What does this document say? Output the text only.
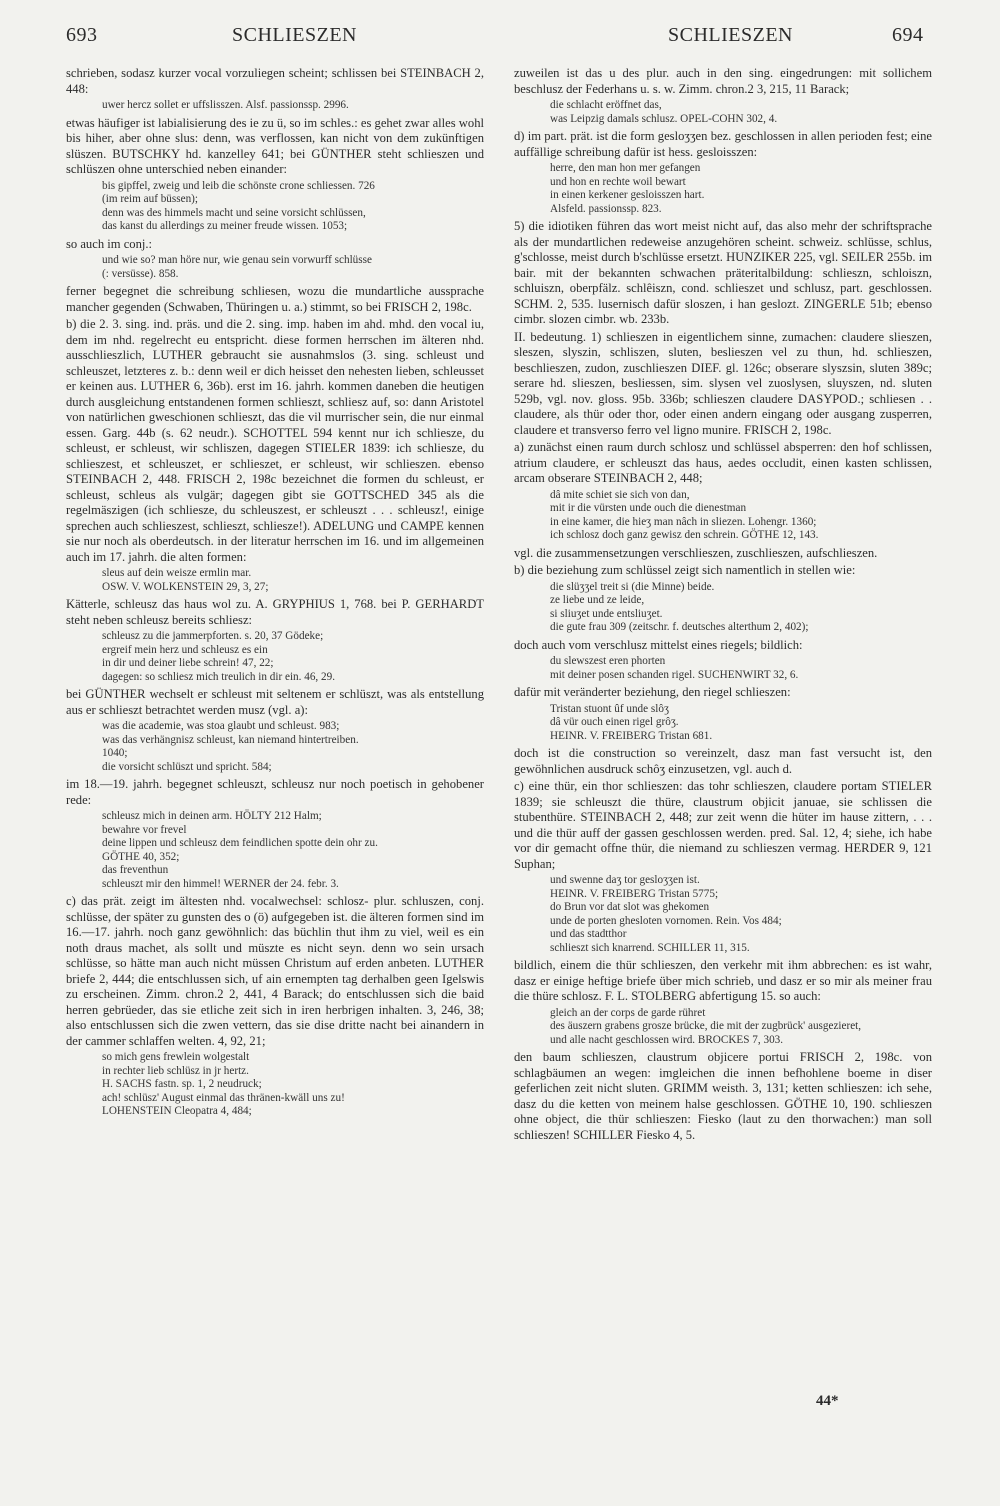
693	SCHLIESZEN	SCHLIESZEN	694

schrieben, sodasz kurzer vocal vorzuliegen scheint; schlissen bei STEINBACH 2, 448:

uwer hercz sollet er uffslisszen. Alsf. passionssp. 2996.

etwas häufiger ist labialisierung des ie zu ü, so im schles.: es gehet zwar alles wohl bis hiher, aber ohne slus: denn, was verflossen, kan nicht von dem zukünftigen slüszen. BUTSCHKY hd. kanzelley 641; bei GÜNTHER steht schlieszen und schlüszen ohne unterschied neben einander:

bis gipffel, zweig und leib die schönste crone schliessen. 726
(im reim auf büssen);
denn was des himmels macht und seine vorsicht schlüssen,
das kanst du allerdings zu meiner freude wissen. 1053;

so auch im conj.:

und wie so? man höre nur, wie genau sein vorwurff schlüsse
(: versüsse). 858.

ferner begegnet die schreibung schliesen, wozu die mundartliche aussprache mancher gegenden (Schwaben, Thüringen u. a.) stimmt, so bei FRISCH 2, 198c.

b) die 2. 3. sing. ind. präs. und die 2. sing. imp. haben im ahd. mhd. den vocal iu, dem im nhd. regelrecht eu entspricht. diese formen herrschen im älteren nhd. ausschlieszlich, LUTHER gebraucht sie ausnahmslos (3. sing. schleust und schleuszet, letzteres z. b.: denn weil er dich heisset den nehesten lieben, schleusset er keinen aus. LUTHER 6, 36b). erst im 16. jahrh. kommen daneben die heutigen durch ausgleichung entstandenen formen schlieszt, schliesz auf, so: dann Aristotel von natürlichen gweschionen schlieszt, das die vil murrischer sein, die nur einmal essen. Garg. 44b (s. 62 neudr.). SCHOTTEL 594 kennt nur ich schliesze, du schleust, er schleust, wir schliszen, dagegen STIELER 1839: ich schliesze, du schlieszest, et schleuszet, er schlieszet, er schleust, wir schlieszen. ebenso STEINBACH 2, 448. FRISCH 2, 198c bezeichnet die formen du schleust, er schleust, schleus als vulgär; dagegen gibt sie GOTTSCHED 345 als die regelmäszigen (ich schliesze, du schleuszest, er schleuszt . . . schleusz!, einige sprechen auch schlieszest, schlieszt, schliesze!). ADELUNG und CAMPE kennen sie nur noch als oberdeutsch. in der literatur herrschen im 16. und im allgemeinen auch im 17. jahrh. die alten formen:

sleus auf dein weisze ermlin mar.
OSW. V. WOLKENSTEIN 29, 3, 27;

Kätterle, schleusz das haus wol zu. A. GRYPHIUS 1, 768. bei P. GERHARDT steht neben schleusz bereits schliesz:

schleusz zu die jammerpforten. s. 20, 37 Gödeke;
ergreif mein herz und schleusz es ein
in dir und deiner liebe schrein! 47, 22;
dagegen: so schliesz mich treulich in dir ein. 46, 29.

bei GÜNTHER wechselt er schleust mit seltenem er schlüszt, was als entstellung aus er schlieszt betrachtet werden musz (vgl. a):

was die academie, was stoa glaubt und schleust. 983;
was das verhängnisz schleust, kan niemand hintertreiben.
1040;
die vorsicht schlüszt und spricht. 584;

im 18.—19. jahrh. begegnet schleuszt, schleusz nur noch poetisch in gehobener rede:

schleusz mich in deinen arm. HÖLTY 212 Halm;
bewahre vor frevel
deine lippen und schleusz dem feindlichen spotte dein ohr zu.
GÖTHE 40, 352;
das freventhun
schleuszt mir den himmel! WERNER der 24. febr. 3.

c) das prät. zeigt im ältesten nhd. vocalwechsel: schlosz- plur. schluszen, conj. schlüsse, der später zu gunsten des o (ö) aufgegeben ist. die älteren formen sind im 16.—17. jahrh. noch ganz gewöhnlich: das büchlin thut ihm zu viel, weil es ein noth draus machet, als sollt und müszte es nicht seyn. denn wo sein ursach schlüsse, so hätte man auch nicht müssen Christum auf erden anbeten. LUTHER briefe 2, 444; die entschlussen sich, uf ain ernempten tag derhalben geen Igelswis zu erscheinen. Zimm. chron.2 2, 441, 4 Barack; do entschlussen sich die baid herren gebrüeder, das sie etliche zeit sich in iren herbrigen inhalten. 3, 246, 38; also entschlussen sich die zwen vettern, das sie dise dritte nacht bei ainandern in der cammer schlaffen welten. 4, 92, 21;

so mich gens frewlein wolgestalt
in rechter lieb schlüsz in jr hertz.
H. SACHS fastn. sp. 1, 2 neudruck;
ach! schlüsz' August einmal das thränen-kwäll uns zu!
LOHENSTEIN Cleopatra 4, 484;

zuweilen ist das u des plur. auch in den sing. eingedrungen: mit sollichem beschlusz der Federhans u. s. w. Zimm. chron.2 3, 215, 11 Barack;

die schlacht eröffnet das,
was Leipzig damals schlusz. OPEL-COHN 302, 4.

d) im part. prät. ist die form gesloʒʒen bez. geschlossen in allen perioden fest; eine auffällige schreibung dafür ist hess. gesloisszen:

herre, den man hon mer gefangen
und hon en rechte woil bewart
in einen kerkener gesloisszen hart.
Alsfeld. passionssp. 823.

5) die idiotiken führen das wort meist nicht auf, das also mehr der schriftsprache als der mundartlichen redeweise anzugehören scheint. schweiz. schlüsse, schlus, g'schlosse, meist durch b'schlüsse ersetzt. HUNZIKER 225, vgl. SEILER 255b. im bair. mit der bekannten schwachen präteritalbildung: schlieszn, schloiszn, schluiszn, oberpfälz. schlêiszn, cond. schlieszet und schlusz, part. geschlossen. SCHM. 2, 535. lusernisch dafür sloszen, i han geslozt. ZINGERLE 51b; ebenso cimbr. slozen cimbr. wb. 233b.

II. bedeutung. 1) schlieszen in eigentlichem sinne, zumachen: claudere slieszen, sleszen, slyszin, schliszen, sluten, beslieszen vel zu thun, hd. schlieszen, beschlieszen, zudon, zuschlieszen DIEF. gl. 126c; obserare slyszsin, sluten 389c; serare hd. slieszen, besliessen, sim. slysen vel zuoslysen, sluyszen, nd. sluten 529b, vgl. nov. gloss. 95b. 336b; schlieszen claudere DASYPOD.; schliesen . . claudere, als thür oder thor, oder einen andern eingang oder ausgang zusperren, claudere et transverso ferro vel ligno munire. FRISCH 2, 198c.

a) zunächst einen raum durch schlosz und schlüssel absperren: den hof schlissen, atrium claudere, er schleuszt das haus, aedes occludit, einen kasten schlissen, arcam obserare STEINBACH 2, 448;

dâ mite schiet sie sich von dan,
mit ir die vürsten unde ouch die dienestman
in eine kamer, die hieʒ man nâch in sliezen. Lohengr. 1360;
ich schlosz doch ganz gewisz den schrein. GÖTHE 12, 143.

vgl. die zusammensetzungen verschlieszen, zuschlieszen, aufschlieszen.

b) die beziehung zum schlüssel zeigt sich namentlich in stellen wie:

die slüʒʒel treit si (die Minne) beide.
ze liebe und ze leide,
si sliuʒet unde entsliuʒet.
die gute frau 309 (zeitschr. f. deutsches alterthum 2, 402);

doch auch vom verschlusz mittelst eines riegels; bildlich:

du slewszest eren phorten
mit deiner posen schanden rigel. SUCHENWIRT 32, 6.

dafür mit veränderter beziehung, den riegel schlieszen:

Tristan stuont ûf unde slôʒ
dâ vür ouch einen rigel grôʒ.
HEINR. V. FREIBERG Tristan 681.

doch ist die construction so vereinzelt, dasz man fast versucht ist, den gewöhnlichen ausdruck schôʒ einzusetzen, vgl. auch d.

c) eine thür, ein thor schlieszen: das tohr schlieszen, claudere portam STIELER 1839; sie schleuszt die thüre, claustrum objicit januae, sie schlissen die stubenthüre. STEINBACH 2, 448; zur zeit wenn die hüter im hause zittern, . . . und die thür auff der gassen geschlossen werden. pred. Sal. 12, 4; siehe, ich habe vor dir gemacht offne thür, die niemand zu schlieszen vermag. HERDER 9, 121 Suphan;

und swenne daʒ tor gesloʒʒen ist.
HEINR. V. FREIBERG Tristan 5775;
do Brun vor dat slot was ghekomen
unde de porten ghesloten vornomen. Rein. Vos 484;
und das stadtthor
schlieszt sich knarrend. SCHILLER 11, 315.

bildlich, einem die thür schlieszen, den verkehr mit ihm abbrechen: es ist wahr, dasz er einige heftige briefe über mich schrieb, und dasz er so mir als meiner frau die thüre schlosz. F. L. STOLBERG abfertigung 15. so auch:

gleich an der corps de garde rühret
des äuszern grabens grosze brücke, die mit der zugbrück' ausgezieret,
und alle nacht geschlossen wird. BROCKES 7, 303.

den baum schlieszen, claustrum objicere portui FRISCH 2, 198c. von schlagbäumen an wegen: imgleichen die innen befhohlene boeme in diser geferlichen zeit nicht sluten. GRIMM weisth. 3, 131; ketten schlieszen: ich sehe, dasz du die ketten von meinem halse geschlossen. GÖTHE 10, 190. schlieszen ohne object, die thür schlieszen: Fiesko (laut zu den thorwachen:) man soll schlieszen! SCHILLER Fiesko 4, 5.

44*
